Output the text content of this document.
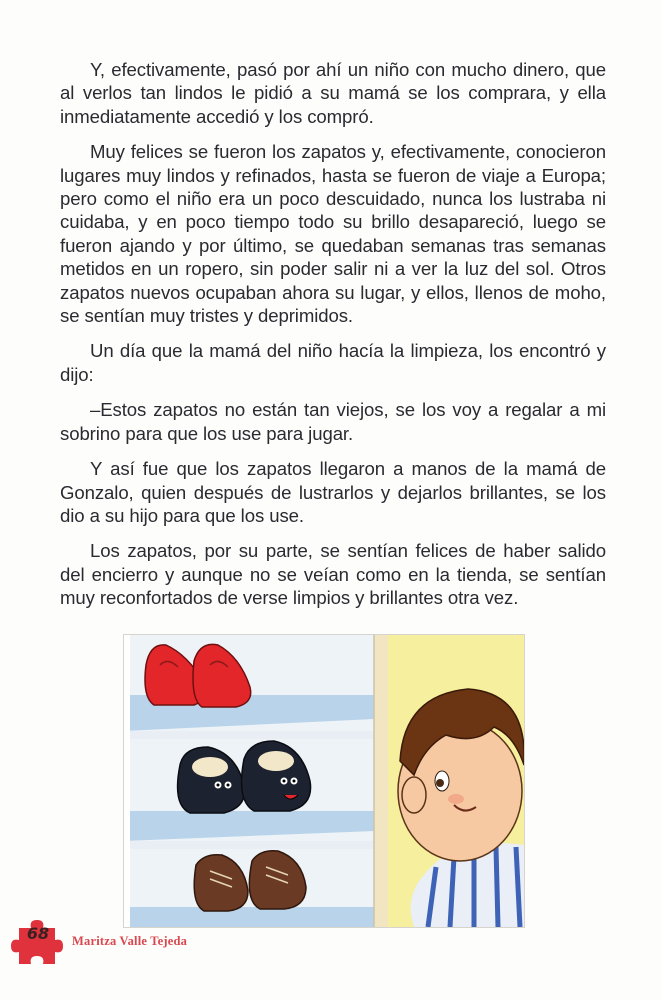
Y, efectivamente, pasó por ahí un niño con mucho dinero, que al verlos tan lindos le pidió a su mamá se los comprara, y ella inmediatamente accedió y los compró.

Muy felices se fueron los zapatos y, efectivamente, conocieron lugares muy lindos y refinados, hasta se fueron de viaje a Europa; pero como el niño era un poco descuidado, nunca los lustraba ni cuidaba, y en poco tiempo todo su brillo desapareció, luego se fueron ajando y por último, se quedaban semanas tras semanas metidos en un ropero, sin poder salir ni a ver la luz del sol. Otros zapatos nuevos ocupaban ahora su lugar, y ellos, llenos de moho, se sentían muy tristes y deprimidos.

Un día que la mamá del niño hacía la limpieza, los encontró y dijo:

–Estos zapatos no están tan viejos, se los voy a regalar a mi sobrino para que los use para jugar.

Y así fue que los zapatos llegaron a manos de la mamá de Gonzalo, quien después de lustrarlos y dejarlos brillantes, se los dio a su hijo para que los use.

Los zapatos, por su parte, se sentían felices de haber salido del encierro y aunque no se veían como en la tienda, se sentían muy reconfortados de verse limpios y brillantes otra vez.

68	Maritza Valle Tejeda
